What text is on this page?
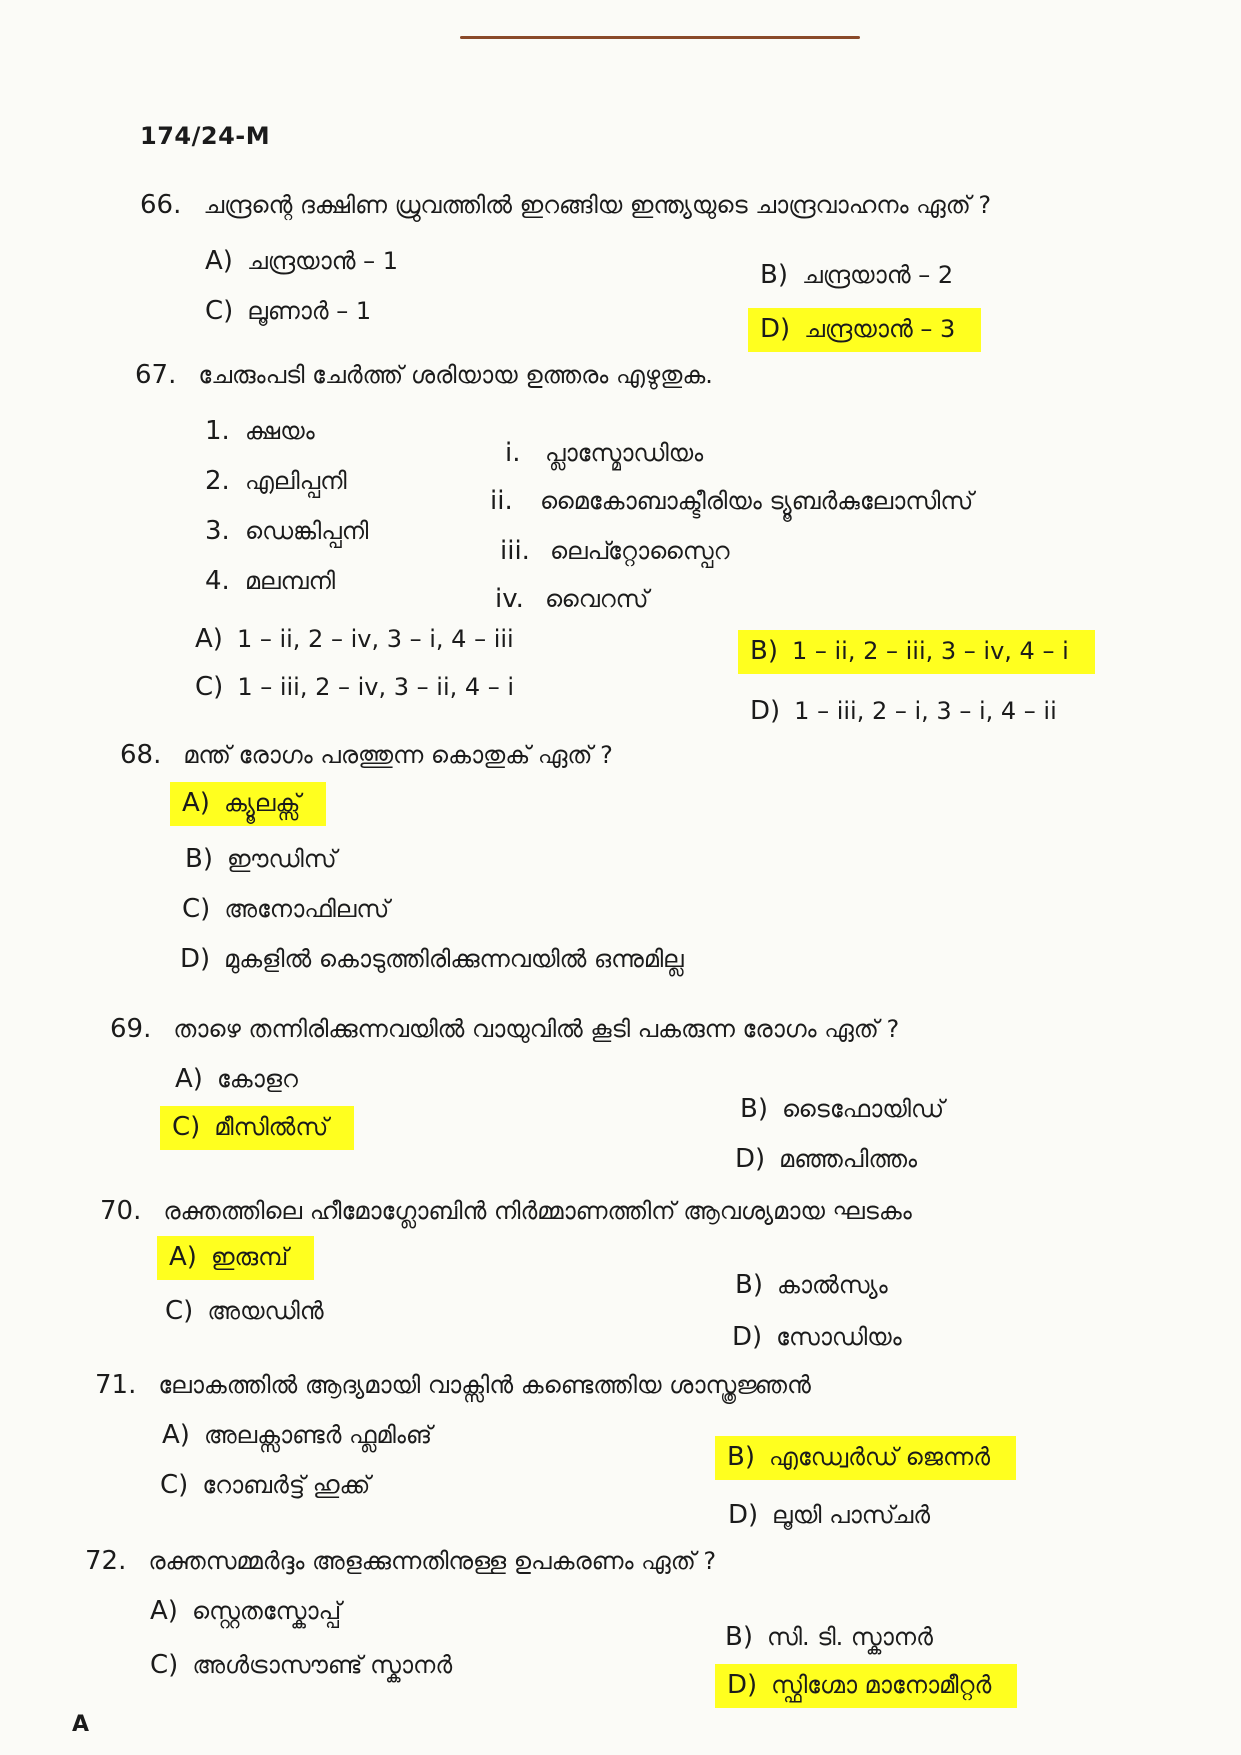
174/24-M
66. ചന്ദ്രന്റെ ദക്ഷിണ ധ്രുവത്തിൽ ഇറങ്ങിയ ഇന്ത്യയുടെ ചാന്ദ്രവാഹനം ഏത് ?
A) ചന്ദ്രയാൻ – 1	B) ചന്ദ്രയാൻ – 2
C) ലൂണാർ – 1
D) ചന്ദ്രയാൻ – 3
67. ചേരുംപടി ചേർത്ത് ശരിയായ ഉത്തരം എഴുതുക.
1. ക്ഷയം
2. എലിപ്പനി
3. ഡെങ്കിപ്പനി
4. മലമ്പനി
i. പ്ലാസ്മോഡിയം
ii. മൈകോബാക്ടീരിയം ട്യൂബർകുലോസിസ്
iii. ലെപ്റ്റോസ്പൈറ
iv. വൈറസ്
A) 1 – ii, 2 – iv, 3 – i, 4 – iii	B) 1 – ii, 2 – iii, 3 – iv, 4 – i
C) 1 – iii, 2 – iv, 3 – ii, 4 – i
D) 1 – iii, 2 – i, 3 – i, 4 – ii
68. മന്ത് രോഗം പരത്തുന്ന കൊതുക് ഏത് ?
A) ക്യൂലക്സ്
B) ഈഡിസ്
C) അനോഫിലസ്
D) മുകളിൽ കൊടുത്തിരിക്കുന്നവയിൽ ഒന്നുമില്ല
69. താഴെ തന്നിരിക്കുന്നവയിൽ വായുവിൽ കൂടി പകരുന്ന രോഗം ഏത് ?
A) കോളറ
B) ടൈഫോയിഡ്
C) മീസിൽസ്
D) മഞ്ഞപിത്തം
70. രക്തത്തിലെ ഹീമോഗ്ലോബിൻ നിർമ്മാണത്തിന് ആവശ്യമായ ഘടകം
A) ഇരുമ്പ്
B) കാൽസ്യം
C) അയഡിൻ
D) സോഡിയം
71. ലോകത്തിൽ ആദ്യമായി വാക്സിൻ കണ്ടെത്തിയ ശാസ്ത്രജ്ഞൻ
A) അലക്സാണ്ടർ ഫ്ലമിംങ്
B) എഡ്വേർഡ് ജെന്നർ
C) റോബർട്ട് ഹുക്ക്
D) ലൂയി പാസ്ചർ
72. രക്തസമ്മർദ്ദം അളക്കുന്നതിനുള്ള ഉപകരണം ഏത് ?
A) സ്റ്റെതസ്കോപ്പ്
B) സി. ടി. സ്കാനർ
C) അൾട്രാസൗണ്ട് സ്കാനർ
D) സ്ഫിഗ്മോ മാനോമീറ്റർ
A
